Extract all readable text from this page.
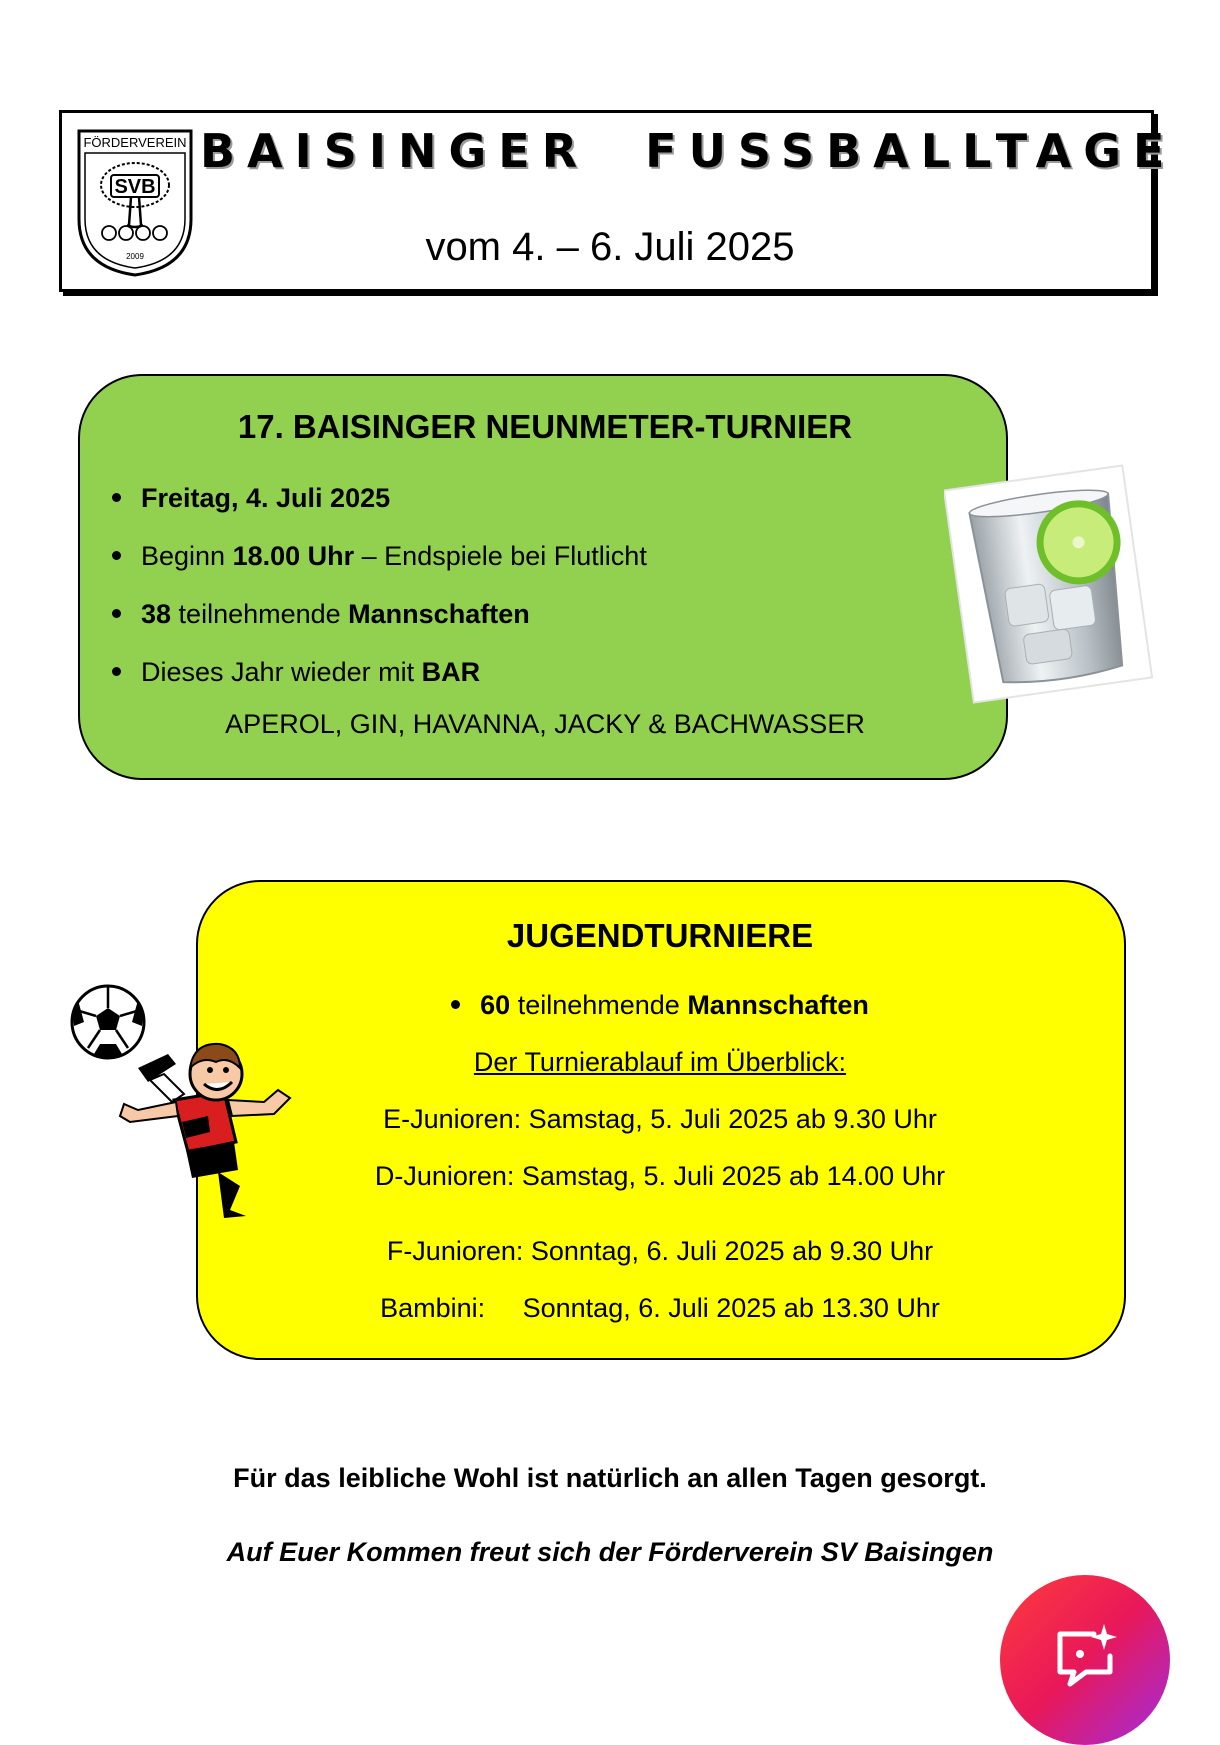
FÖRDERVEREIN
SVB
2009
BAISINGER  FUSSBALLTAGE
vom 4. – 6. Juli 2025
17. BAISINGER NEUNMETER-TURNIER
Freitag, 4. Juli 2025
Beginn 18.00 Uhr – Endspiele bei Flutlicht
38 teilnehmende Mannschaften
Dieses Jahr wieder mit BAR
APEROL, GIN, HAVANNA, JACKY & BACHWASSER
JUGENDTURNIERE
60 teilnehmende Mannschaften
Der Turnierablauf im Überblick:
E-Junioren: Samstag, 5. Juli 2025 ab 9.30 Uhr
D-Junioren: Samstag, 5. Juli 2025 ab 14.00 Uhr
F-Junioren: Sonntag, 6. Juli 2025 ab 9.30 Uhr
Bambini:     Sonntag, 6. Juli 2025 ab 13.30 Uhr
Für das leibliche Wohl ist natürlich an allen Tagen gesorgt.
Auf Euer Kommen freut sich der Förderverein SV Baisingen
